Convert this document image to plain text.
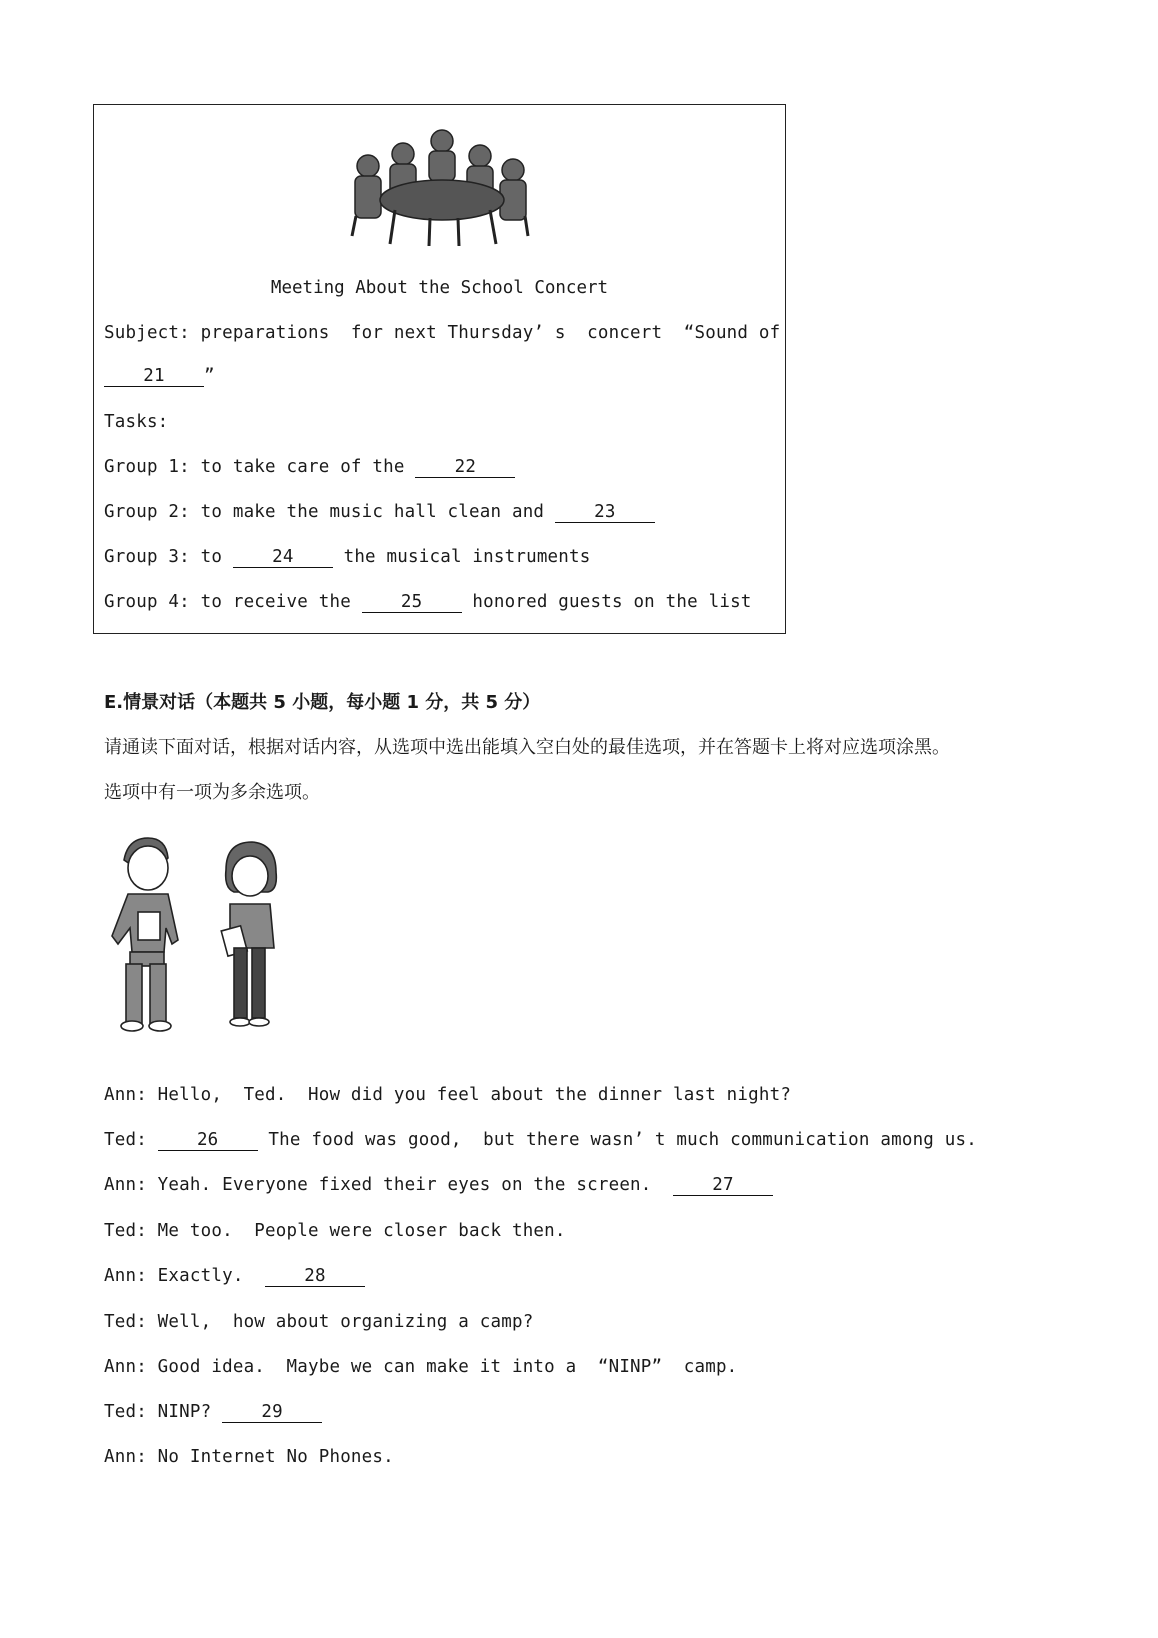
Meeting About the School Concert
Subject: preparations  for next Thursday’ s  concert  “Sound of
21 ”
Tasks:
Group 1: to take care of the 22
Group 2: to make the music hall clean and 23
Group 3: to 24 the musical instruments
Group 4: to receive the 25 honored guests on the list
E.情景对话（本题共 5 小题，每小题 1 分，共 5 分）
请通读下面对话，根据对话内容，从选项中选出能填入空白处的最佳选项，并在答题卡上将对应选项涂黑。
选项中有一项为多余选项。
Ann: Hello,  Ted.  How did you feel about the dinner last night?
Ted: 26 The food was good,  but there wasn’ t much communication among us.
Ann: Yeah. Everyone fixed their eyes on the screen.  27
Ted: Me too.  People were closer back then.
Ann: Exactly.  28
Ted: Well,  how about organizing a camp?
Ann: Good idea.  Maybe we can make it into a  “NINP”  camp.
Ted: NINP? 29
Ann: No Internet No Phones.
